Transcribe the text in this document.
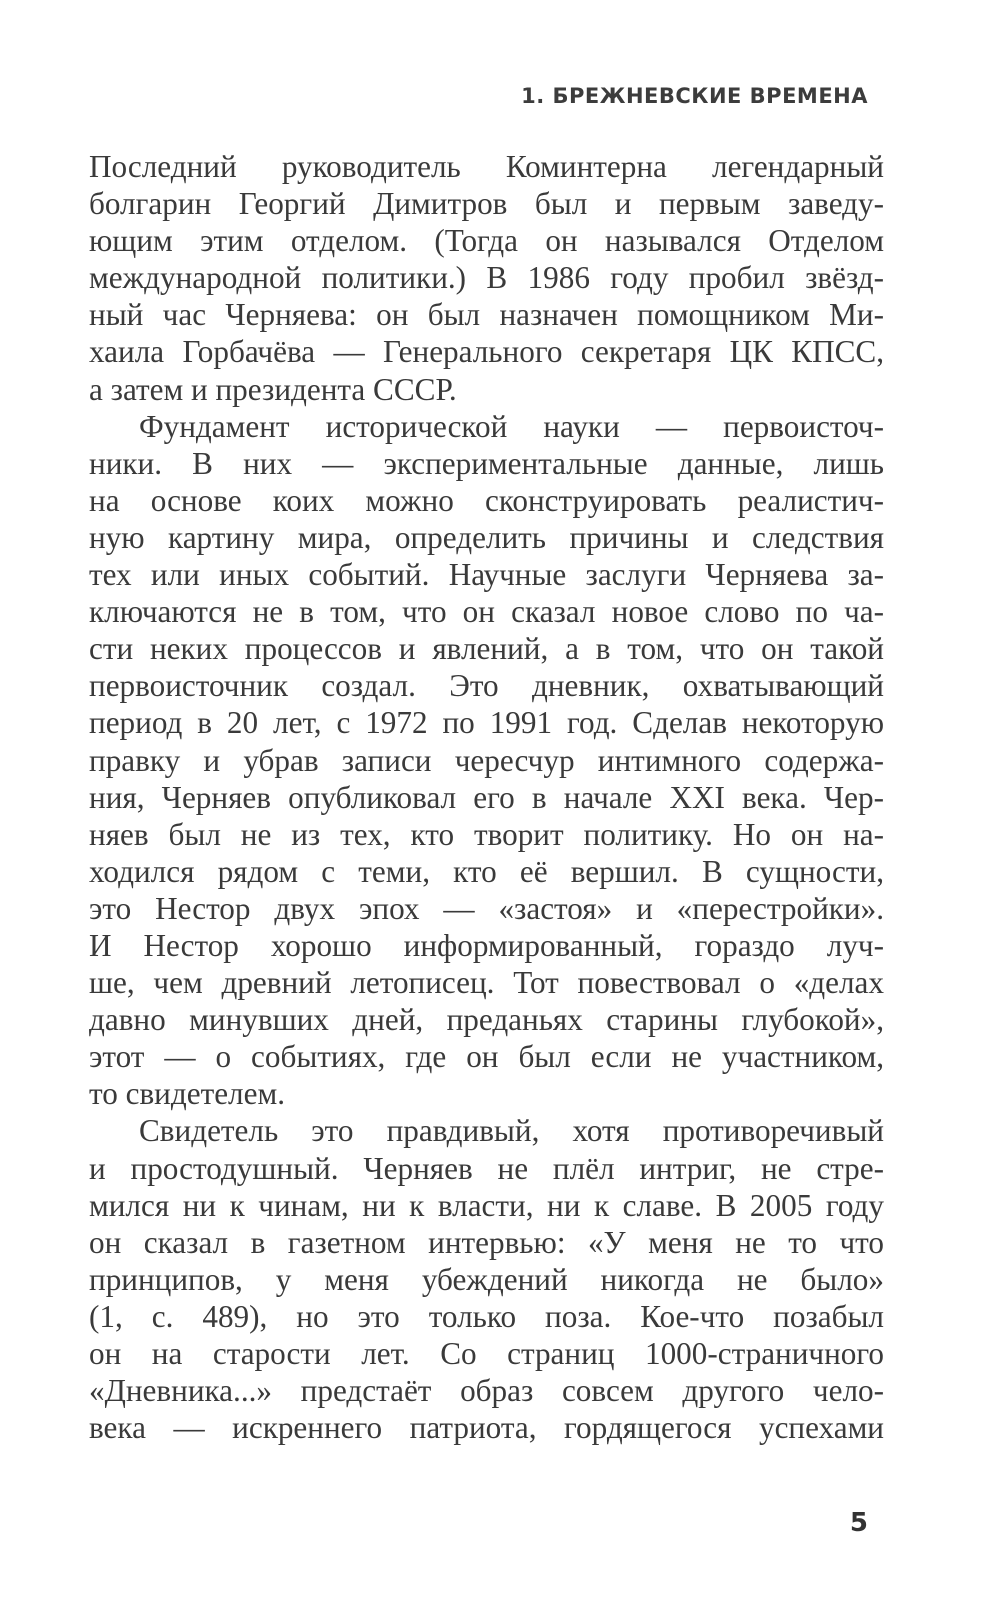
1. БРЕЖНЕВСКИЕ ВРЕМЕНА
Последний руководитель Коминтерна легендарный
болгарин Георгий Димитров был и первым заведу-
ющим этим отделом. (Тогда он назывался Отделом
международной политики.) В 1986 году пробил звёзд-
ный час Черняева: он был назначен помощником Ми-
хаила Горбачёва — Генерального секретаря ЦК КПСС,
а затем и президента СССР.
Фундамент исторической науки — первоисточ-
ники. В них — экспериментальные данные, лишь
на основе коих можно сконструировать реалистич-
ную картину мира, определить причины и следствия
тех или иных событий. Научные заслуги Черняева за-
ключаются не в том, что он сказал новое слово по ча-
сти неких процессов и явлений, а в том, что он такой
первоисточник создал. Это дневник, охватывающий
период в 20 лет, с 1972 по 1991 год. Сделав некоторую
правку и убрав записи чересчур интимного содержа-
ния, Черняев опубликовал его в начале XXI века. Чер-
няев был не из тех, кто творит политику. Но он на-
ходился рядом с теми, кто её вершил. В сущности,
это Нестор двух эпох — «застоя» и «перестройки».
И Нестор хорошо информированный, гораздо луч-
ше, чем древний летописец. Тот повествовал о «делах
давно минувших дней, преданьях старины глубокой»,
этот — о событиях, где он был если не участником,
то свидетелем.
Свидетель это правдивый, хотя противоречивый
и простодушный. Черняев не плёл интриг, не стре-
мился ни к чинам, ни к власти, ни к славе. В 2005 году
он сказал в газетном интервью: «У меня не то что
принципов, у меня убеждений никогда не было»
(1, с. 489), но это только поза. Кое-что позабыл
он на старости лет. Со страниц 1000-страничного
«Дневника...» предстаёт образ совсем другого чело-
века — искреннего патриота, гордящегося успехами
5
